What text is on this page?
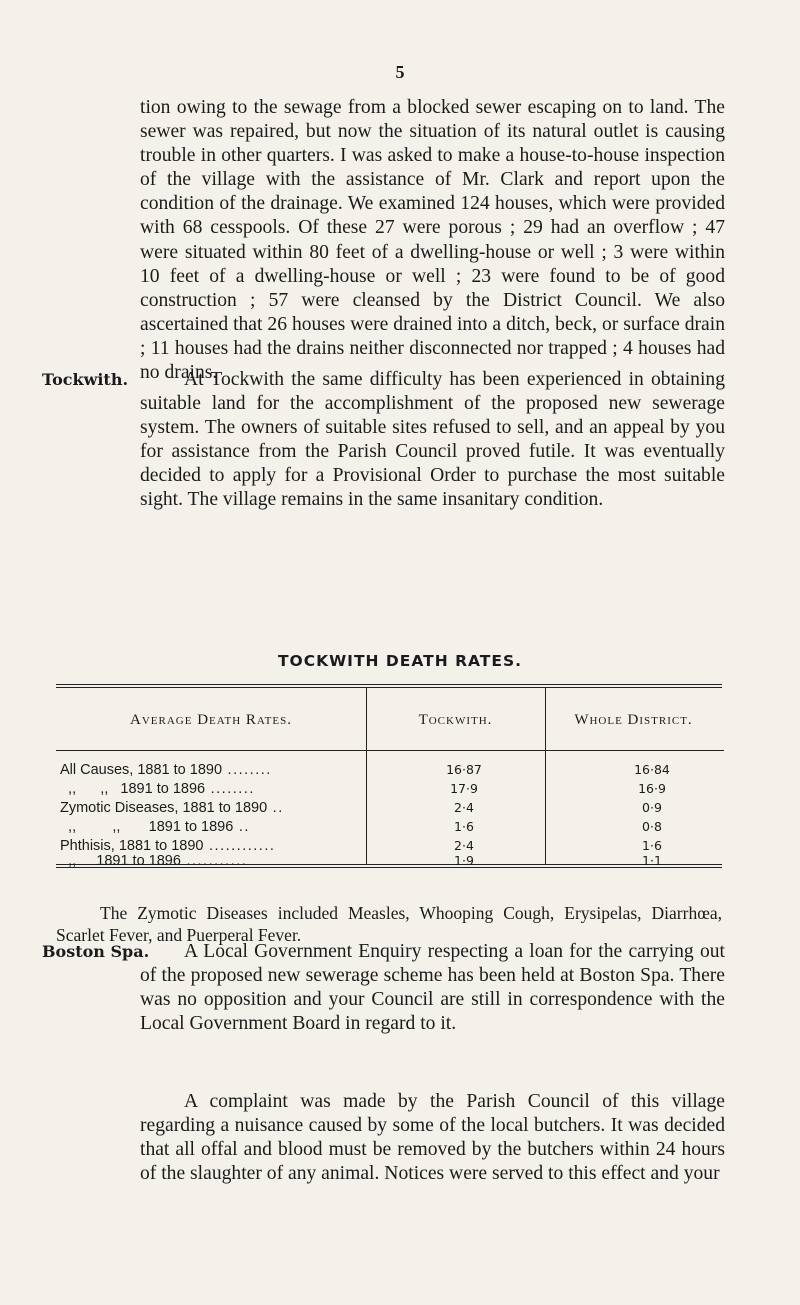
5

tion owing to the sewage from a blocked sewer escaping on to land. The sewer was repaired, but now the situation of its natural outlet is causing trouble in other quarters. I was asked to make a house-to-house inspection of the village with the assistance of Mr. Clark and report upon the condition of the drainage. We examined 124 houses, which were provided with 68 cesspools. Of these 27 were porous ; 29 had an overflow ; 47 were situated within 80 feet of a dwelling-house or well ; 3 were within 10 feet of a dwelling-house or well ; 23 were found to be of good construction ; 57 were cleansed by the District Council. We also ascertained that 26 houses were drained into a ditch, beck, or surface drain ; 11 houses had the drains neither disconnected nor trapped ; 4 houses had no drains.

Tockwith.	At Tockwith the same difficulty has been experienced in obtaining suitable land for the accomplishment of the proposed new sewerage system. The owners of suitable sites refused to sell, and an appeal by you for assistance from the Parish Council proved futile. It was eventually decided to apply for a Provisional Order to purchase the most suitable sight. The village remains in the same insanitary condition.

TOCKWITH DEATH RATES.
Average Death Rates.	Tockwith.	Whole District.
All Causes, 1881 to 1890 ........	16·87	16·84
,,      ,,   1891 to 1896 ........	17·9	16·9
Zymotic Diseases, 1881 to 1890 ..	2·4	0·9
,,         ,,       1891 to 1896 ..	1·6	0·8
Phthisis, 1881 to 1890 ............	2·4	1·6
,,     1891 to 1896 ...........	1·9	1·1

The Zymotic Diseases included Measles, Whooping Cough, Erysipelas, Diarrhœa, Scarlet Fever, and Puerperal Fever.

Boston Spa.	A Local Government Enquiry respecting a loan for the carrying out of the proposed new sewerage scheme has been held at Boston Spa. There was no opposition and your Council are still in correspondence with the Local Government Board in regard to it.

A complaint was made by the Parish Council of this village regarding a nuisance caused by some of the local butchers. It was decided that all offal and blood must be removed by the butchers within 24 hours of the slaughter of any animal. Notices were served to this effect and your
